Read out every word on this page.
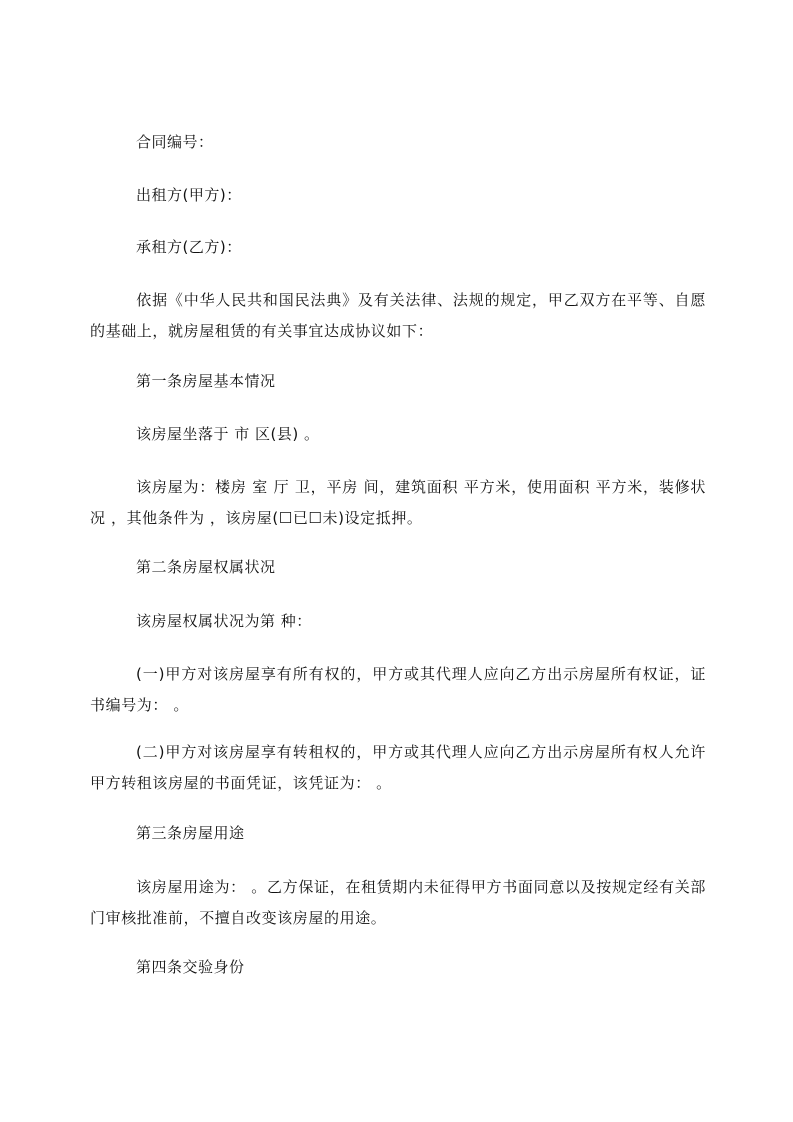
合同编号：
出租方(甲方)：
承租方(乙方)：
依据《中华人民共和国民法典》及有关法律、法规的规定，甲乙双方在平等、自愿的基础上，就房屋租赁的有关事宜达成协议如下：
第一条房屋基本情况
该房屋坐落于 市 区(县) 。
该房屋为：楼房 室 厅 卫，平房 间，建筑面积 平方米，使用面积 平方米，装修状况 ，其他条件为 ，该房屋(☐已☐未)设定抵押。
第二条房屋权属状况
该房屋权属状况为第 种：
(一)甲方对该房屋享有所有权的，甲方或其代理人应向乙方出示房屋所有权证，证书编号为： 。
(二)甲方对该房屋享有转租权的，甲方或其代理人应向乙方出示房屋所有权人允许甲方转租该房屋的书面凭证，该凭证为： 。
第三条房屋用途
该房屋用途为： 。乙方保证，在租赁期内未征得甲方书面同意以及按规定经有关部门审核批准前，不擅自改变该房屋的用途。
第四条交验身份
